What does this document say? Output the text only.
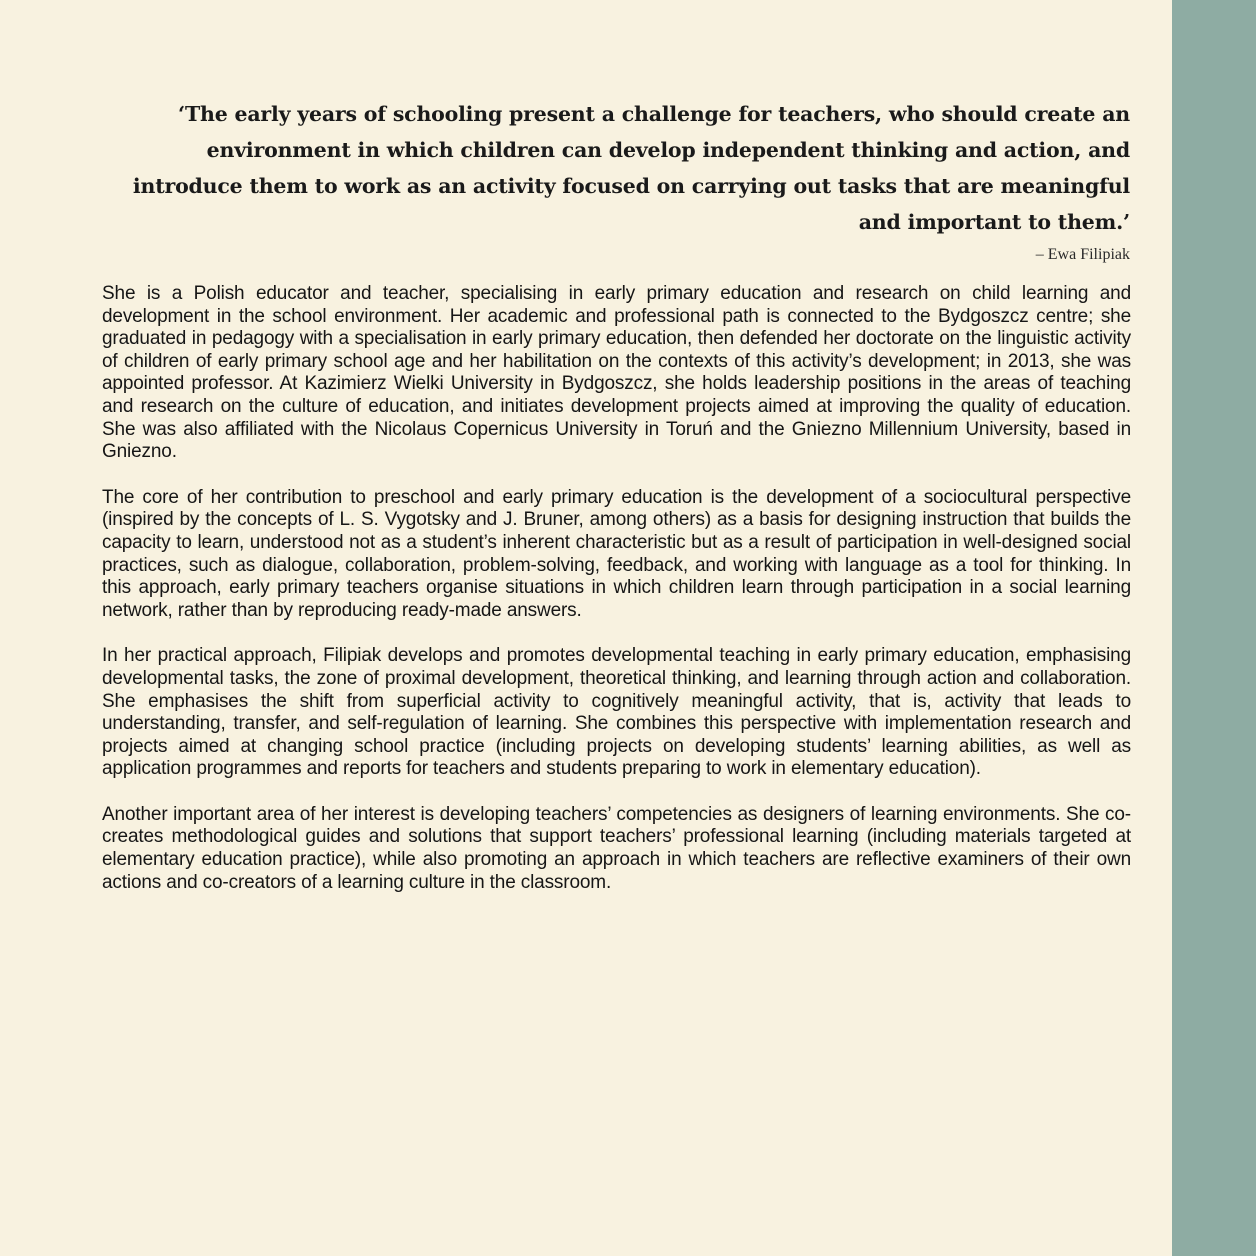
‘The early years of schooling present a challenge for teachers, who should create an environment in which children can develop independent thinking and action, and introduce them to work as an activity focused on carrying out tasks that are meaningful and important to them.’

– Ewa Filipiak

She is a Polish educator and teacher, specialising in early primary education and research on child learning and development in the school environment. Her academic and professional path is connected to the Bydgoszcz centre; she graduated in pedagogy with a specialisation in early primary education, then defended her doctorate on the linguistic activity of children of early primary school age and her habilitation on the contexts of this activity’s development; in 2013, she was appointed professor. At Kazimierz Wielki University in Bydgoszcz, she holds leadership positions in the areas of teaching and research on the culture of education, and initiates development projects aimed at improving the quality of education. She was also affiliated with the Nicolaus Copernicus University in Toruń and the Gniezno Millennium University, based in Gniezno.

The core of her contribution to preschool and early primary education is the development of a sociocultural perspective (inspired by the concepts of L. S. Vygotsky and J. Bruner, among others) as a basis for designing instruction that builds the capacity to learn, understood not as a student’s inherent characteristic but as a result of participation in well-designed social practices, such as dialogue, collaboration, problem-solving, feedback, and working with language as a tool for thinking. In this approach, early primary teachers organise situations in which children learn through participation in a social learning network, rather than by reproducing ready-made answers.

In her practical approach, Filipiak develops and promotes developmental teaching in early primary education, emphasising developmental tasks, the zone of proximal development, theoretical thinking, and learning through action and collaboration. She emphasises the shift from superficial activity to cognitively meaningful activity, that is, activity that leads to understanding, transfer, and self-regulation of learning. She combines this perspective with implementation research and projects aimed at changing school practice (including projects on developing students’ learning abilities, as well as application programmes and reports for teachers and students preparing to work in elementary education).

Another important area of her interest is developing teachers’ competencies as designers of learning environments. She co-creates methodological guides and solutions that support teachers’ professional learning (including materials targeted at elementary education practice), while also promoting an approach in which teachers are reflective examiners of their own actions and co-creators of a learning culture in the classroom.
